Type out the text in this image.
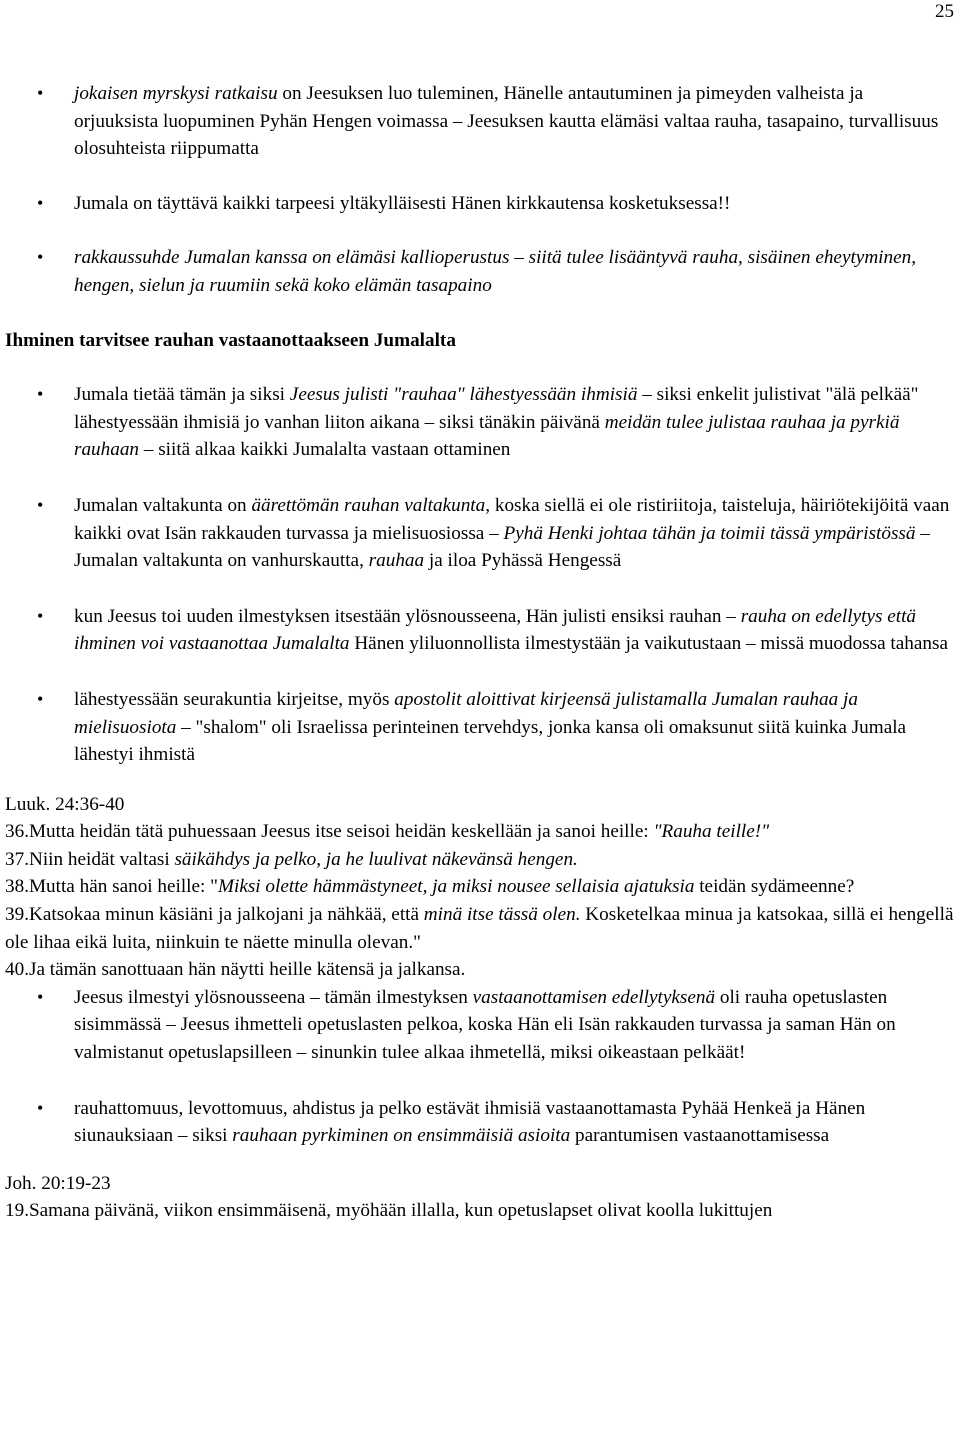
25
• jokaisen myrskysi ratkaisu on Jeesuksen luo tuleminen, Hänelle antautuminen ja pimeyden valheista ja orjuuksista luopuminen Pyhän Hengen voimassa – Jeesuksen kautta elämäsi valtaa rauha, tasapaino, turvallisuus olosuhteista riippumatta
• Jumala on täyttävä kaikki tarpeesi yltäkylläisesti Hänen kirkkautensa kosketuksessa!!
• rakkaussuhde Jumalan kanssa on elämäsi kallioperustus – siitä tulee lisääntyvä rauha, sisäinen eheytyminen, hengen, sielun ja ruumiin sekä koko elämän tasapaino
Ihminen tarvitsee rauhan vastaanottaakseen Jumalalta
• Jumala tietää tämän ja siksi Jeesus julisti "rauhaa" lähestyessään ihmisiä – siksi enkelit julistivat "älä pelkää" lähestyessään ihmisiä jo vanhan liiton aikana – siksi tänäkin päivänä meidän tulee julistaa rauhaa ja pyrkiä rauhaan – siitä alkaa kaikki Jumalalta vastaan ottaminen
• Jumalan valtakunta on äärettömän rauhan valtakunta, koska siellä ei ole ristiriitoja, taisteluja, häiriötekijöitä vaan kaikki ovat Isän rakkauden turvassa ja mielisuosiossa – Pyhä Henki johtaa tähän ja toimii tässä ympäristössä – Jumalan valtakunta on vanhurskautta, rauhaa ja iloa Pyhässä Hengessä
• kun Jeesus toi uuden ilmestyksen itsestään ylösnousseena, Hän julisti ensiksi rauhan – rauha on edellytys että ihminen voi vastaanottaa Jumalalta Hänen yliluonnollista ilmestystään ja vaikutustaan – missä muodossa tahansa
• lähestyessään seurakuntia kirjeitse, myös apostolit aloittivat kirjeensä julistamalla Jumalan rauhaa ja mielisuosiota – "shalom" oli Israelissa perinteinen tervehdys, jonka kansa oli omaksunut siitä kuinka Jumala lähestyi ihmistä
Luuk. 24:36-40

36.Mutta heidän tätä puhuessaan Jeesus itse seisoi heidän keskellään ja sanoi heille: "Rauha teille!"

37.Niin heidät valtasi säikähdys ja pelko, ja he luulivat näkevänsä hengen.

38.Mutta hän sanoi heille: "Miksi olette hämmästyneet, ja miksi nousee sellaisia ajatuksia teidän sydämeenne?

39.Katsokaa minun käsiäni ja jalkojani ja nähkää, että minä itse tässä olen. Kosketelkaa minua ja katsokaa, sillä ei hengellä ole lihaa eikä luita, niinkuin te näette minulla olevan."

40.Ja tämän sanottuaan hän näytti heille kätensä ja jalkansa.

• Jeesus ilmestyi ylösnousseena – tämän ilmestyksen vastaanottamisen edellytyksenä oli rauha opetuslasten sisimmässä – Jeesus ihmetteli opetuslasten pelkoa, koska Hän eli Isän rakkauden turvassa ja saman Hän on valmistanut opetuslapsilleen – sinunkin tulee alkaa ihmetellä, miksi oikeastaan pelkäät!
• rauhattomuus, levottomuus, ahdistus ja pelko estävät ihmisiä vastaanottamasta Pyhää Henkeä ja Hänen siunauksiaan – siksi rauhaan pyrkiminen on ensimmäisiä asioita parantumisen vastaanottamisessa
Joh. 20:19-23

19.Samana päivänä, viikon ensimmäisenä, myöhään illalla, kun opetuslapset olivat koolla lukittujen
